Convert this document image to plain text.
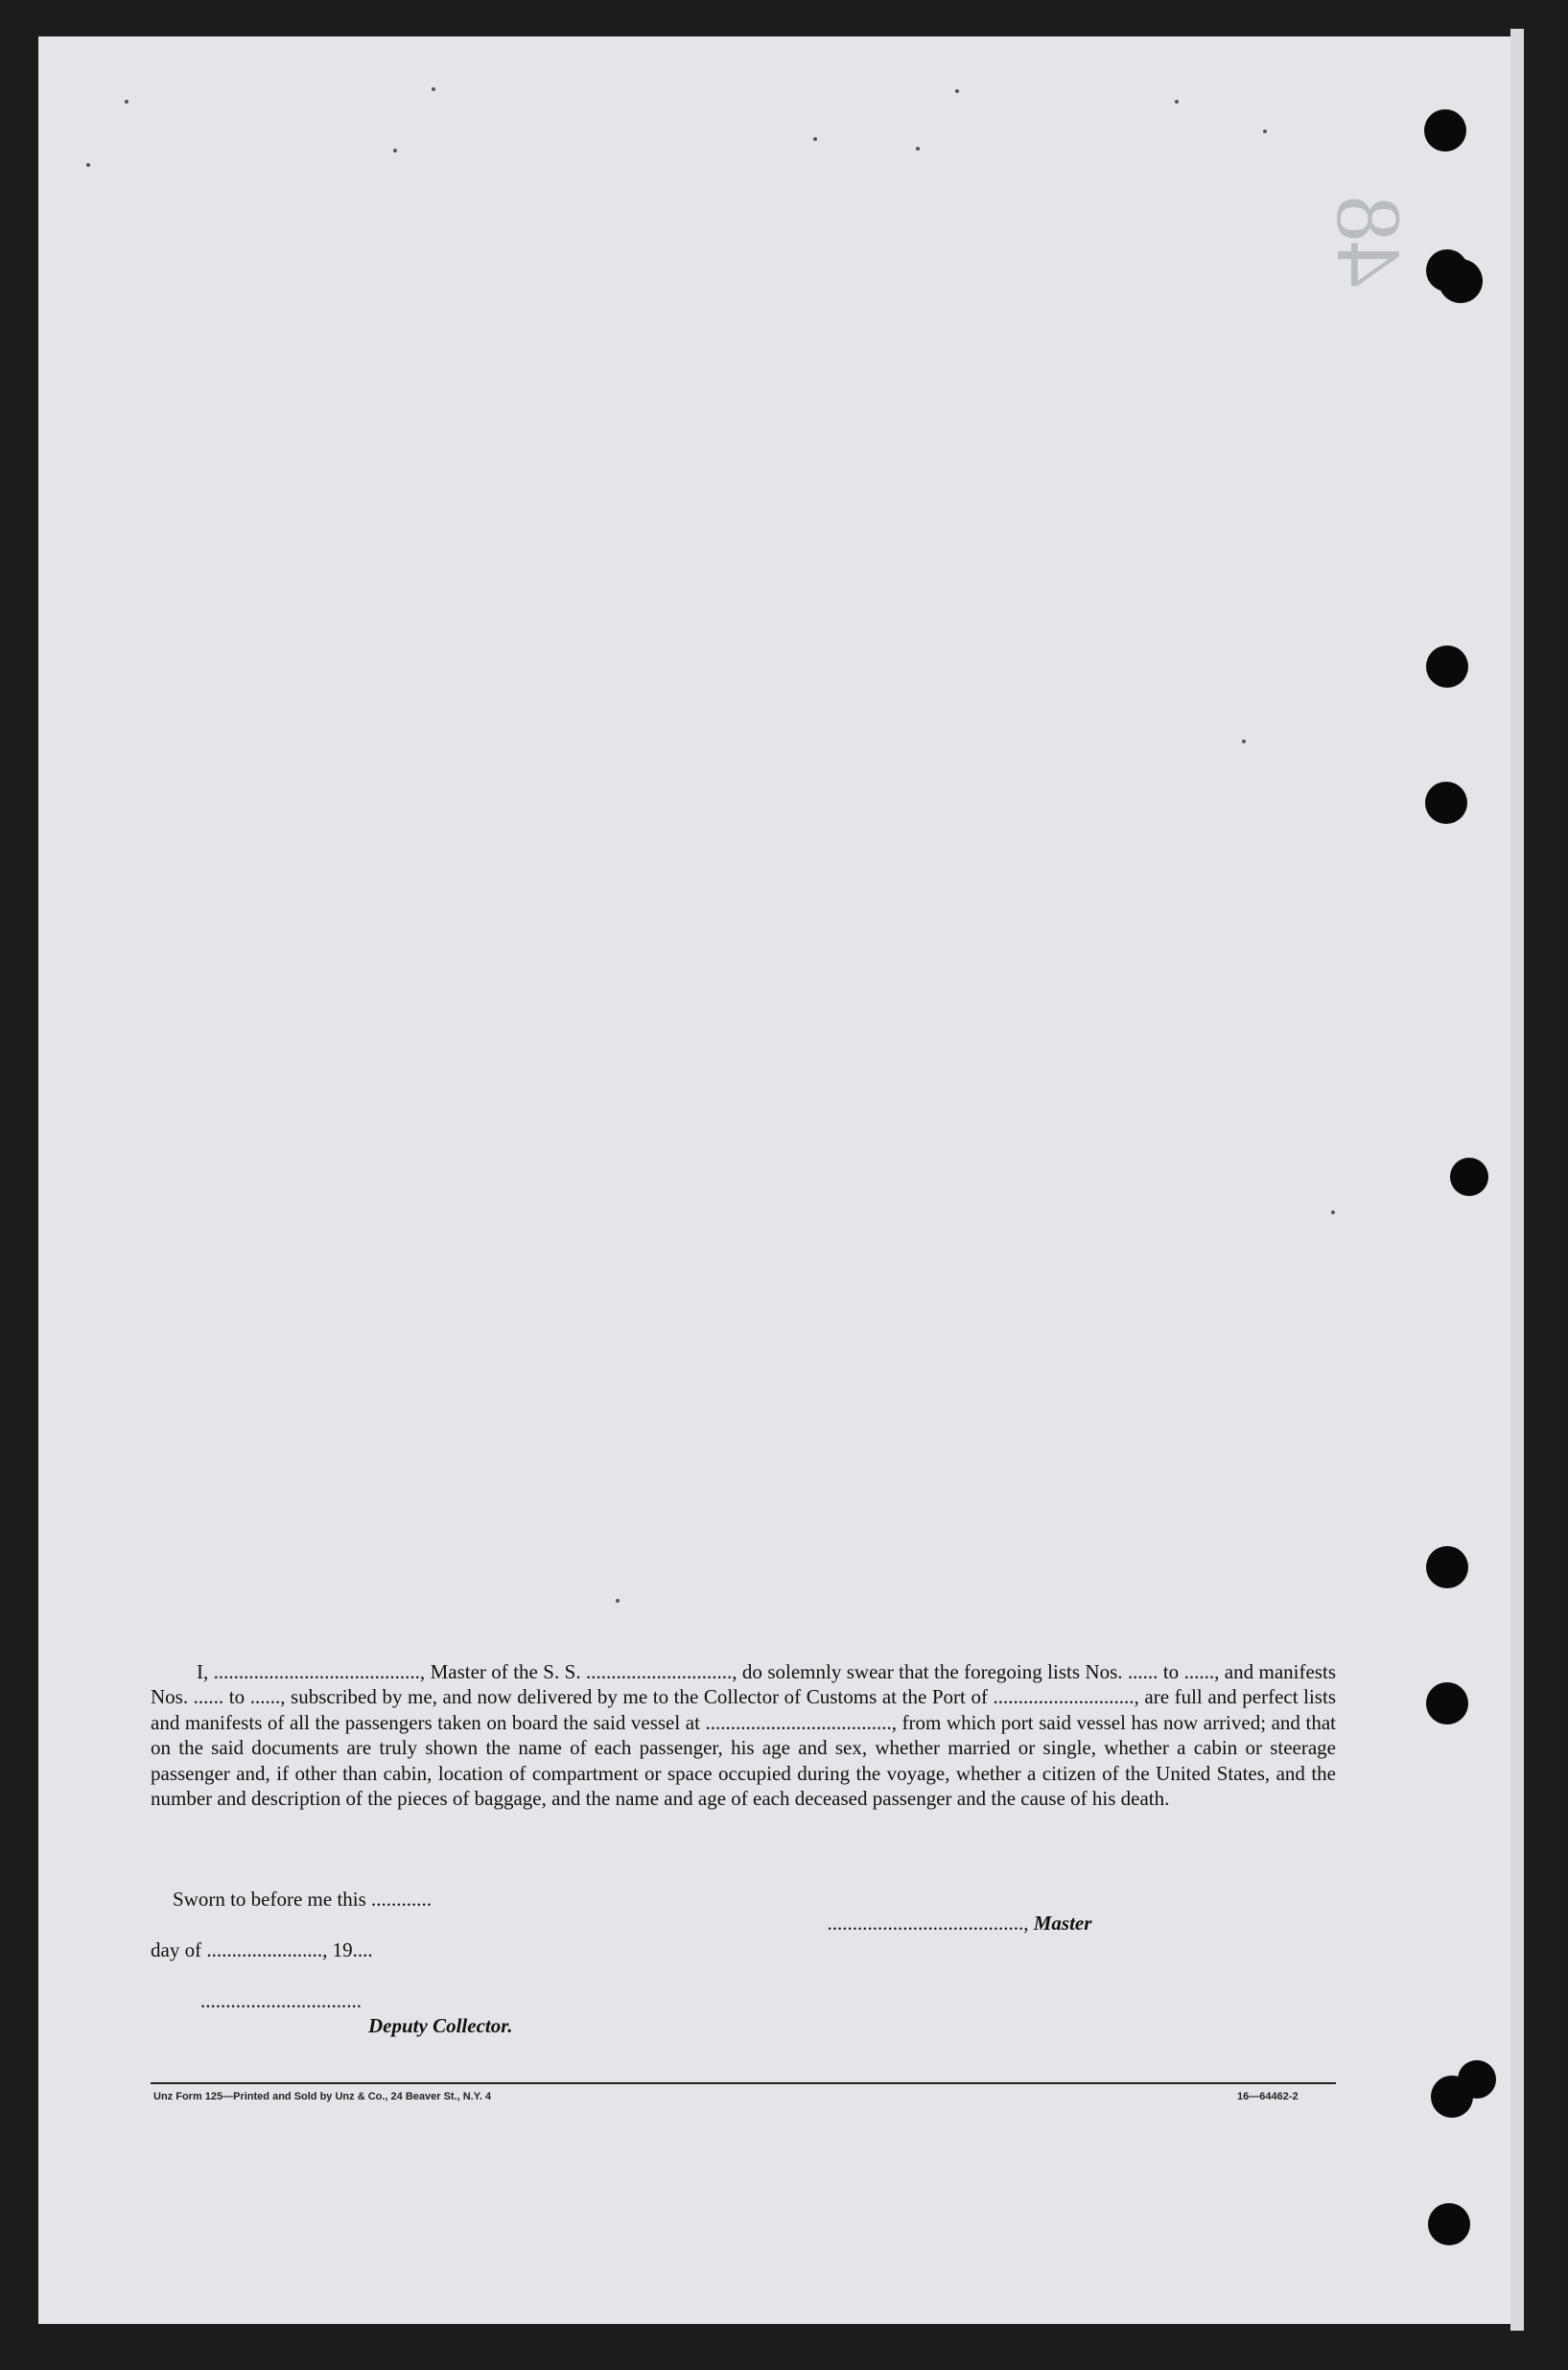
48

I, ........................................., Master of the S. S. ............................., do solemnly swear that the foregoing lists Nos. ...... to ......, and manifests Nos. ...... to ......, subscribed by me, and now delivered by me to the Collector of Customs at the Port of ............................, are full and perfect lists and manifests of all the passengers taken on board the said vessel at ....................................., from which port said vessel has now arrived; and that on the said documents are truly shown the name of each passenger, his age and sex, whether married or single, whether a cabin or steerage passenger and, if other than cabin, location of compartment or space occupied during the voyage, whether a citizen of the United States, and the number and description of the pieces of baggage, and the name and age of each deceased passenger and the cause of his death.

Sworn to before me this ............

......................................., Master

day of ......................., 19....
................................
Deputy Collector.
Unz Form 125—Printed and Sold by Unz & Co., 24 Beaver St., N.Y. 4	16—64462-2
